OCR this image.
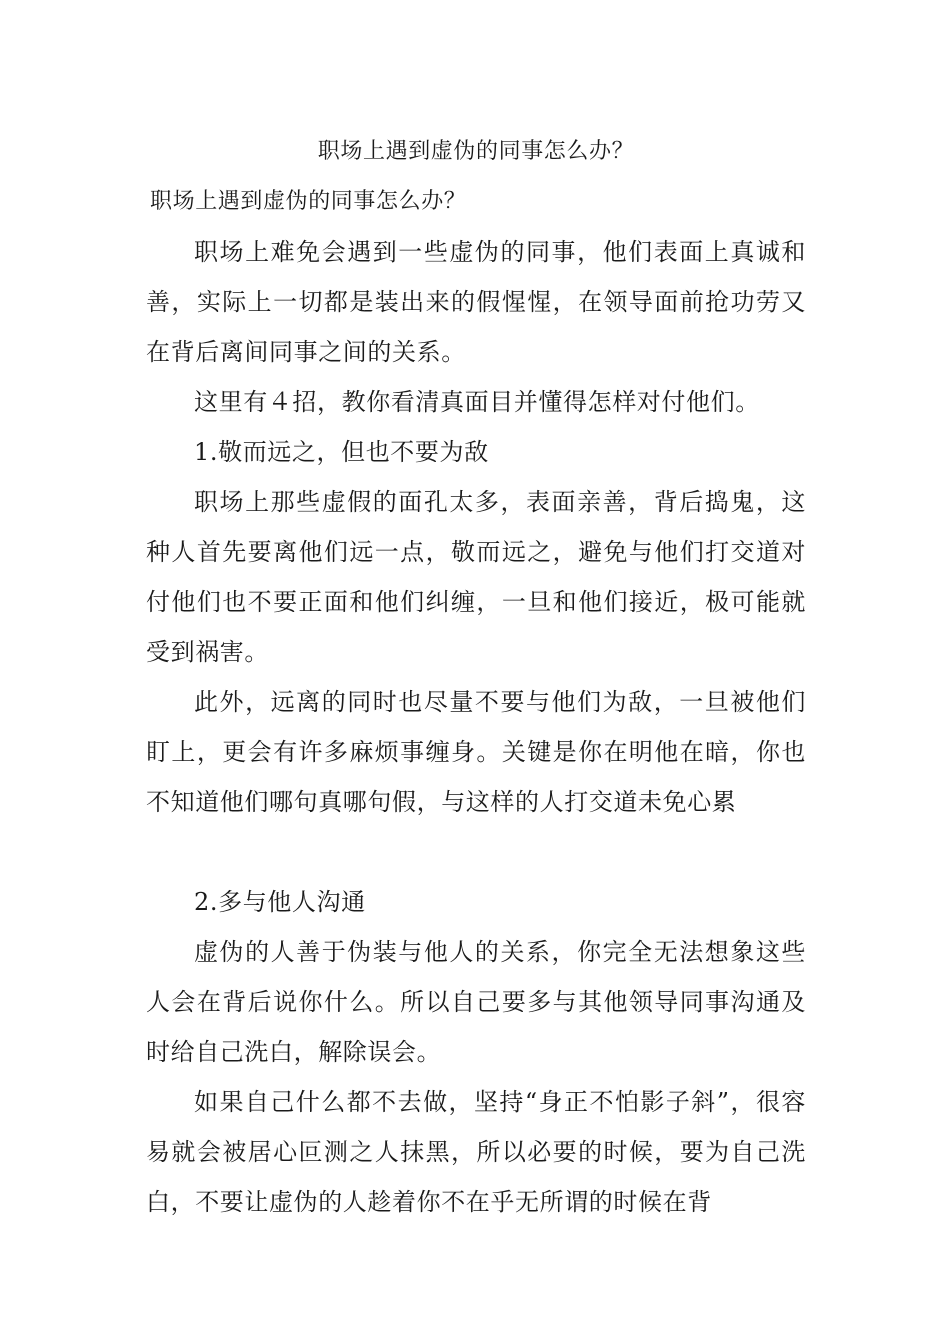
职场上遇到虚伪的同事怎么办？

职场上遇到虚伪的同事怎么办？

职场上难免会遇到一些虚伪的同事，他们表面上真诚和善，实际上一切都是装出来的假惺惺，在领导面前抢功劳又在背后离间同事之间的关系。

这里有４招，教你看清真面目并懂得怎样对付他们。

1.敬而远之，但也不要为敌

职场上那些虚假的面孔太多，表面亲善，背后捣鬼，这种人首先要离他们远一点，敬而远之，避免与他们打交道对付他们也不要正面和他们纠缠，一旦和他们接近，极可能就受到祸害。

此外，远离的同时也尽量不要与他们为敌，一旦被他们盯上，更会有许多麻烦事缠身。关键是你在明他在暗，你也不知道他们哪句真哪句假，与这样的人打交道未免心累

2.多与他人沟通

虚伪的人善于伪装与他人的关系，你完全无法想象这些人会在背后说你什么。所以自己要多与其他领导同事沟通及时给自己洗白，解除误会。

如果自己什么都不去做，坚持“身正不怕影子斜”，很容易就会被居心叵测之人抹黑，所以必要的时候，要为自己洗白，不要让虚伪的人趁着你不在乎无所谓的时候在背
